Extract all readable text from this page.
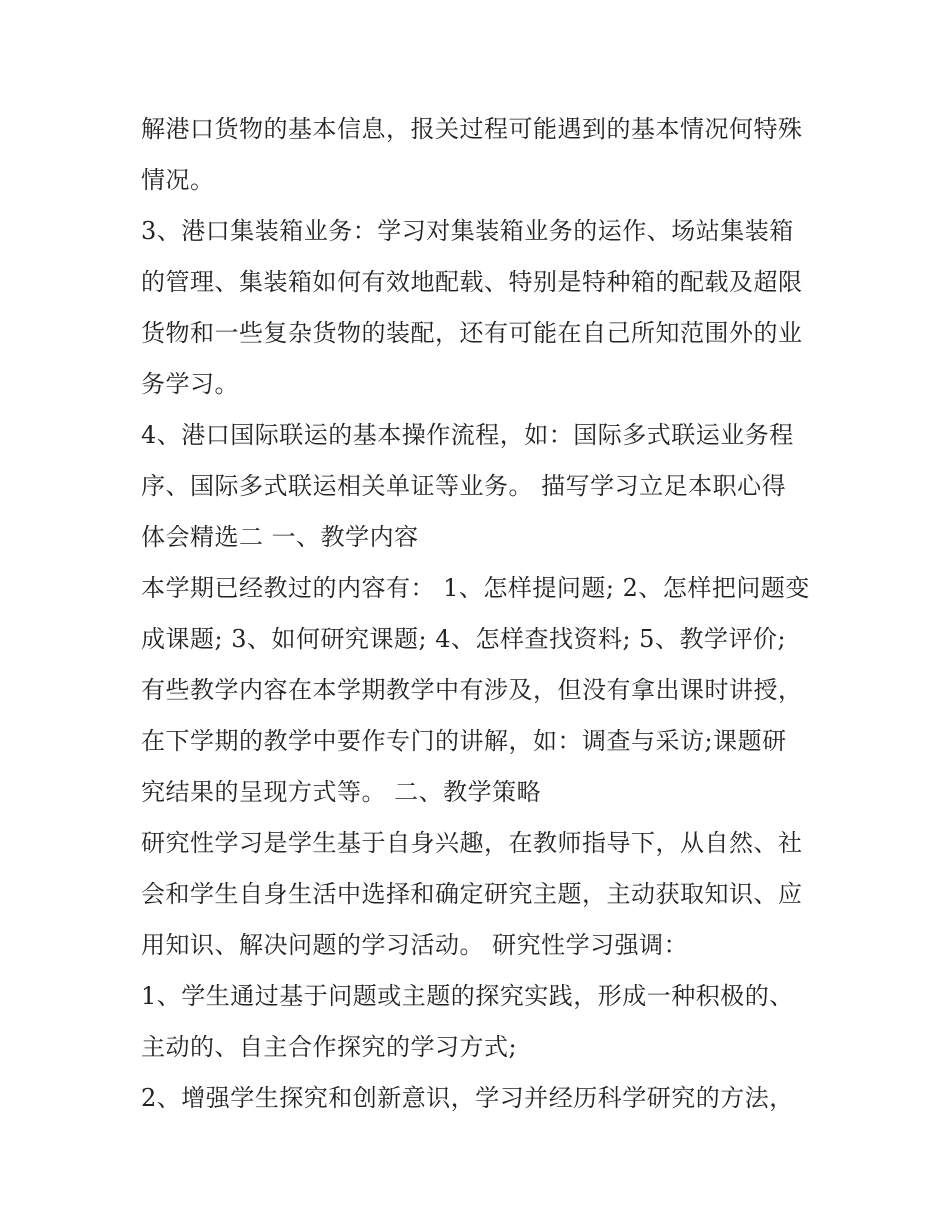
解港口货物的基本信息，报关过程可能遇到的基本情况何特殊
情况。
3、港口集装箱业务：学习对集装箱业务的运作、场站集装箱
的管理、集装箱如何有效地配载、特别是特种箱的配载及超限
货物和一些复杂货物的装配，还有可能在自己所知范围外的业
务学习。
4、港口国际联运的基本操作流程，如：国际多式联运业务程
序、国际多式联运相关单证等业务。 描写学习立足本职心得
体会精选二 一、教学内容
本学期已经教过的内容有： 1、怎样提问题; 2、怎样把问题变
成课题; 3、如何研究课题; 4、怎样查找资料; 5、教学评价;
有些教学内容在本学期教学中有涉及，但没有拿出课时讲授，
在下学期的教学中要作专门的讲解，如：调查与采访;课题研
究结果的呈现方式等。 二、教学策略
研究性学习是学生基于自身兴趣，在教师指导下，从自然、社
会和学生自身生活中选择和确定研究主题，主动获取知识、应
用知识、解决问题的学习活动。 研究性学习强调：
1、学生通过基于问题或主题的探究实践，形成一种积极的、
主动的、自主合作探究的学习方式;
2、增强学生探究和创新意识，学习并经历科学研究的方法，
